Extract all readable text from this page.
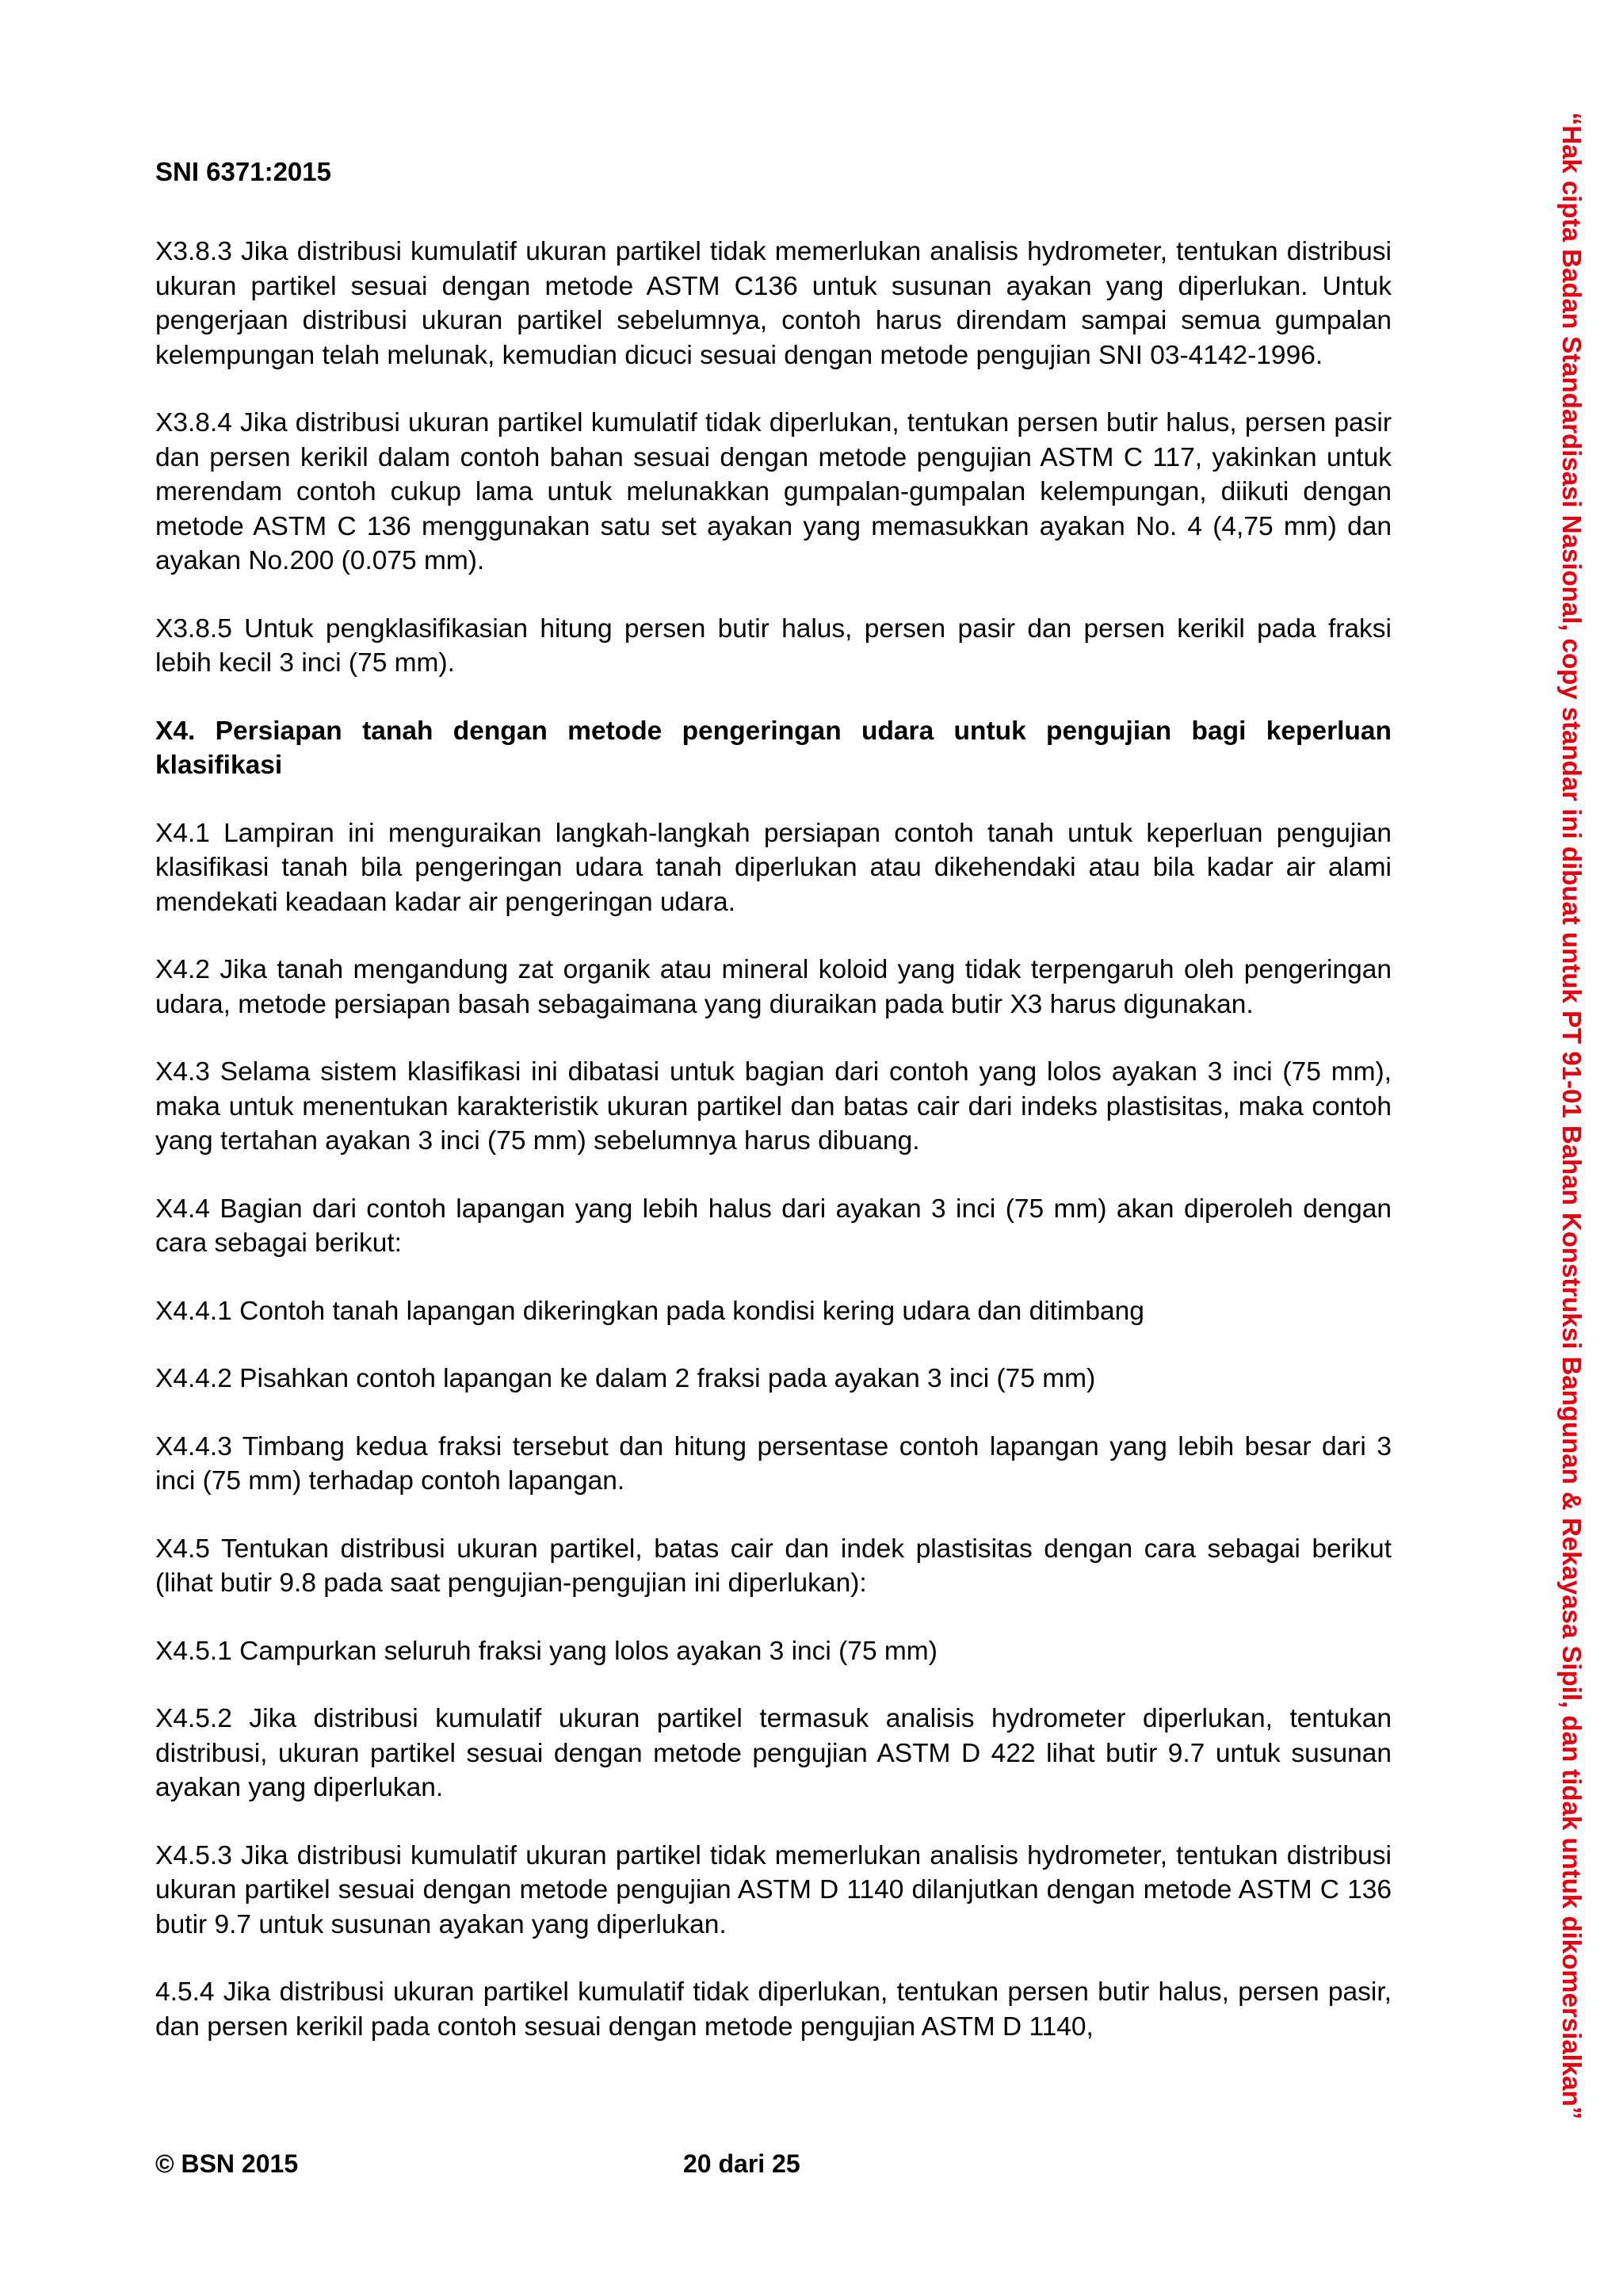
SNI 6371:2015

X3.8.3 Jika distribusi kumulatif ukuran partikel tidak memerlukan analisis hydrometer, tentukan distribusi ukuran partikel sesuai dengan metode ASTM C136 untuk susunan ayakan yang diperlukan. Untuk pengerjaan distribusi ukuran partikel sebelumnya, contoh harus direndam sampai semua gumpalan kelempungan telah melunak, kemudian dicuci sesuai dengan metode pengujian SNI 03-4142-1996.

X3.8.4 Jika distribusi ukuran partikel kumulatif tidak diperlukan, tentukan persen butir halus, persen pasir dan persen kerikil dalam contoh bahan sesuai dengan metode pengujian ASTM C 117, yakinkan untuk merendam contoh cukup lama untuk melunakkan gumpalan-gumpalan kelempungan, diikuti dengan metode ASTM C 136 menggunakan satu set ayakan yang memasukkan ayakan No. 4 (4,75 mm) dan ayakan No.200 (0.075 mm).

X3.8.5 Untuk pengklasifikasian hitung persen butir halus, persen pasir dan persen kerikil pada fraksi lebih kecil 3 inci (75 mm).

X4. Persiapan tanah dengan metode pengeringan udara untuk pengujian bagi keperluan klasifikasi

X4.1 Lampiran ini menguraikan langkah-langkah persiapan contoh tanah untuk keperluan pengujian klasifikasi tanah bila pengeringan udara tanah diperlukan atau dikehendaki atau bila kadar air alami mendekati keadaan kadar air pengeringan udara.

X4.2 Jika tanah mengandung zat organik atau mineral koloid yang tidak terpengaruh oleh pengeringan udara, metode persiapan basah sebagaimana yang diuraikan pada butir X3 harus digunakan.

X4.3 Selama sistem klasifikasi ini dibatasi untuk bagian dari contoh yang lolos ayakan 3 inci (75 mm), maka untuk menentukan karakteristik ukuran partikel dan batas cair dari indeks plastisitas, maka contoh yang tertahan ayakan 3 inci (75 mm) sebelumnya harus dibuang.

X4.4 Bagian dari contoh lapangan yang lebih halus dari ayakan 3 inci (75 mm) akan diperoleh dengan cara sebagai berikut:

X4.4.1 Contoh tanah lapangan dikeringkan pada kondisi kering udara dan ditimbang

X4.4.2 Pisahkan contoh lapangan ke dalam 2 fraksi pada ayakan 3 inci (75 mm)

X4.4.3 Timbang kedua fraksi tersebut dan hitung persentase contoh lapangan yang lebih besar dari 3 inci (75 mm) terhadap contoh lapangan.

X4.5 Tentukan distribusi ukuran partikel, batas cair dan indek plastisitas dengan cara sebagai berikut (lihat butir 9.8 pada saat pengujian-pengujian ini diperlukan):

X4.5.1 Campurkan seluruh fraksi yang lolos ayakan 3 inci (75 mm)

X4.5.2 Jika distribusi kumulatif ukuran partikel termasuk analisis hydrometer diperlukan, tentukan distribusi, ukuran partikel sesuai dengan metode pengujian ASTM D 422 lihat butir 9.7 untuk susunan ayakan yang diperlukan.

X4.5.3 Jika distribusi kumulatif ukuran partikel tidak memerlukan analisis hydrometer, tentukan distribusi ukuran partikel sesuai dengan metode pengujian ASTM D 1140 dilanjutkan dengan metode ASTM C 136 butir 9.7 untuk susunan ayakan yang diperlukan.

4.5.4 Jika distribusi ukuran partikel kumulatif tidak diperlukan, tentukan persen butir halus, persen pasir, dan persen kerikil pada contoh sesuai dengan metode pengujian ASTM D 1140,

© BSN 2015	20 dari 25
“Hak cipta Badan Standardisasi Nasional, copy standar ini dibuat untuk PT 91-01 Bahan Konstruksi Bangunan & Rekayasa Sipil, dan tidak untuk dikomersialkan”
